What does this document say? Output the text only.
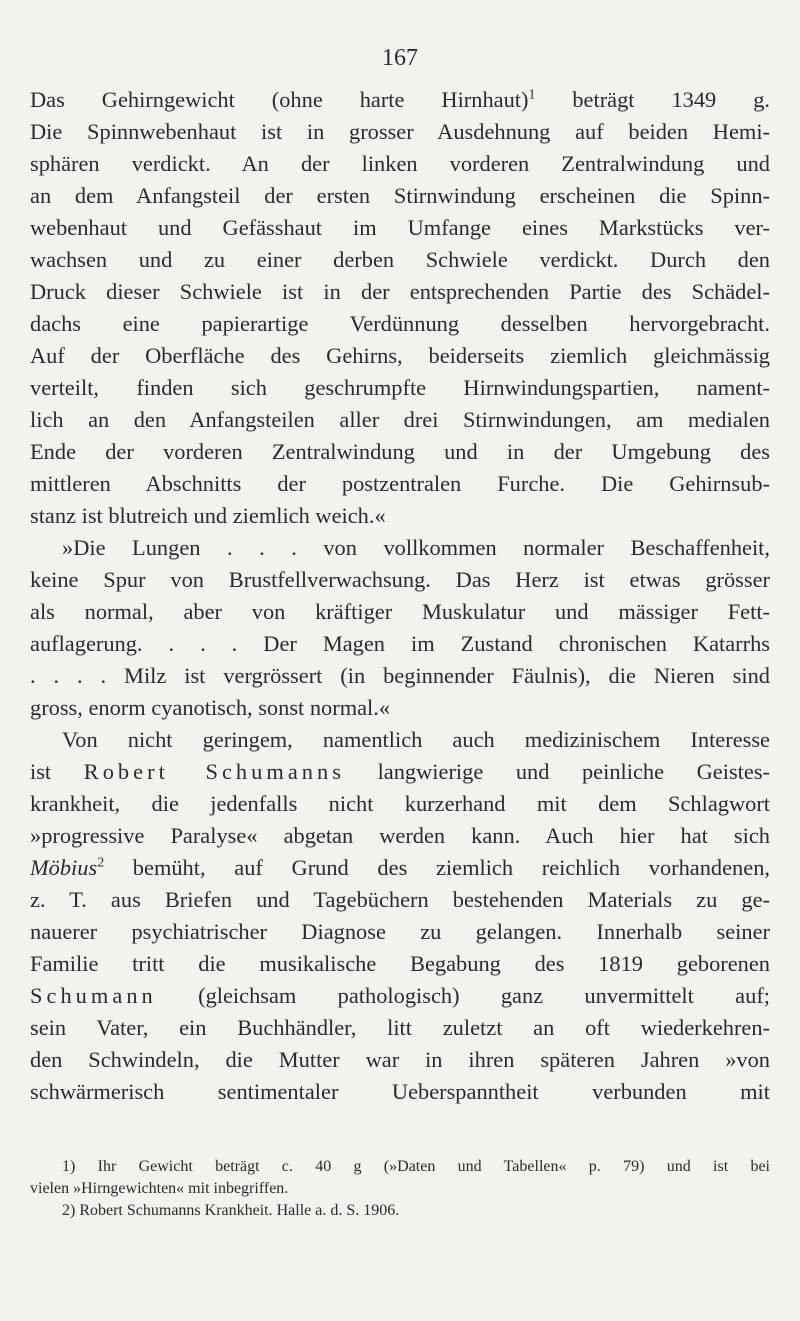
167
Das Gehirngewicht (ohne harte Hirnhaut)$^1$ beträgt 1349 g.
Die Spinnwebenhaut ist in grosser Ausdehnung auf beiden Hemi-
sphären verdickt. An der linken vorderen Zentralwindung und
an dem Anfangsteil der ersten Stirnwindung erscheinen die Spinn-
webenhaut und Gefässhaut im Umfange eines Markstücks ver-
wachsen und zu einer derben Schwiele verdickt. Durch den
Druck dieser Schwiele ist in der entsprechenden Partie des Schädel-
dachs eine papierartige Verdünnung desselben hervorgebracht.
Auf der Oberfläche des Gehirns, beiderseits ziemlich gleichmässig
verteilt, finden sich geschrumpfte Hirnwindungspartien, nament-
lich an den Anfangsteilen aller drei Stirnwindungen, am medialen
Ende der vorderen Zentralwindung und in der Umgebung des
mittleren Abschnitts der postzentralen Furche. Die Gehirnsub-
stanz ist blutreich und ziemlich weich.«
»Die Lungen . . . von vollkommen normaler Beschaffenheit,
keine Spur von Brustfellverwachsung. Das Herz ist etwas grösser
als normal, aber von kräftiger Muskulatur und mässiger Fett-
auflagerung. . . . Der Magen im Zustand chronischen Katarrhs
. . . . Milz ist vergrössert (in beginnender Fäulnis), die Nieren sind
gross, enorm cyanotisch, sonst normal.«
Von nicht geringem, namentlich auch medizinischem Interesse
ist Robert Schumanns langwierige und peinliche Geistes-
krankheit, die jedenfalls nicht kurzerhand mit dem Schlagwort
»progressive Paralyse« abgetan werden kann. Auch hier hat sich
Möbius$^2$ bemüht, auf Grund des ziemlich reichlich vorhandenen,
z. T. aus Briefen und Tagebüchern bestehenden Materials zu ge-
nauerer psychiatrischer Diagnose zu gelangen. Innerhalb seiner
Familie tritt die musikalische Begabung des 1819 geborenen
Schumann (gleichsam pathologisch) ganz unvermittelt auf;
sein Vater, ein Buchhändler, litt zuletzt an oft wiederkehren-
den Schwindeln, die Mutter war in ihren späteren Jahren »von
schwärmerisch sentimentaler Ueberspanntheit verbunden mit
1) Ihr Gewicht beträgt c. 40 g (»Daten und Tabellen« p. 79) und ist bei
vielen »Hirngewichten« mit inbegriffen.
2) Robert Schumanns Krankheit. Halle a. d. S. 1906.
